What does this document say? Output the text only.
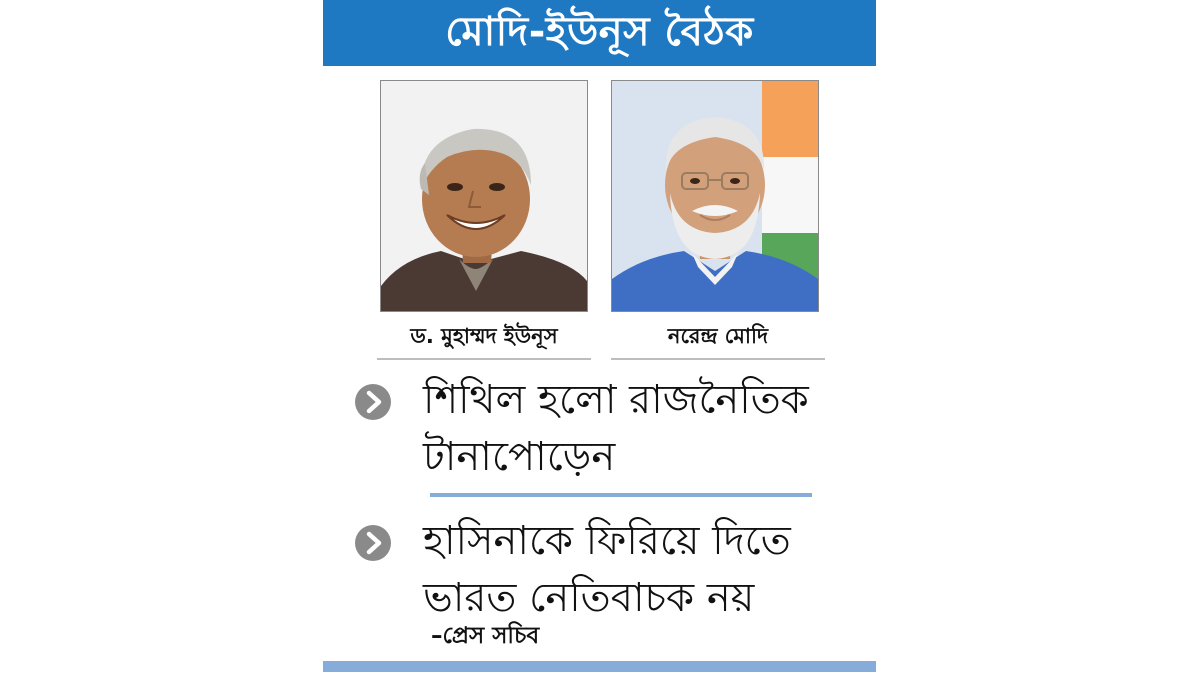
মোদি-ইউনূস বৈঠক
ড. মুহাম্মদ ইউনূস	নরেন্দ্র মোদি
শিথিল হলো রাজনৈতিক টানাপোড়েন
হাসিনাকে ফিরিয়ে দিতে ভারত নেতিবাচক নয়
–প্রেস সচিব
